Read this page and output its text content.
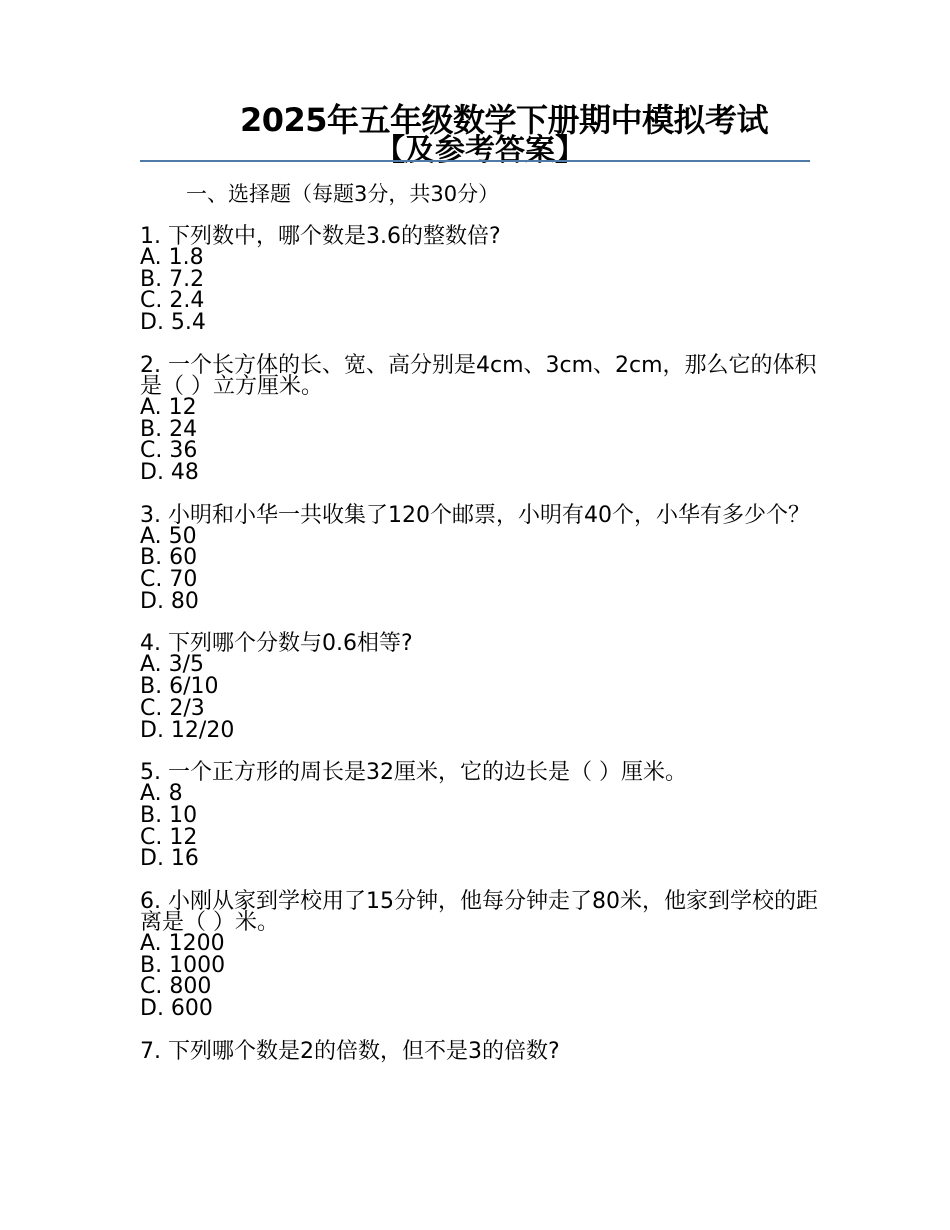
2025年五年级数学下册期中模拟考试
【及参考答案】
一、选择题（每题3分，共30分）
1. 下列数中，哪个数是3.6的整数倍?
A. 1.8
B. 7.2
C. 2.4
D. 5.4
2. 一个长方体的长、宽、高分别是4cm、3cm、2cm，那么它的体积是（ ）立方厘米。
A. 12
B. 24
C. 36
D. 48
3. 小明和小华一共收集了120个邮票，小明有40个，小华有多少个？
A. 50
B. 60
C. 70
D. 80
4. 下列哪个分数与0.6相等?
A. 3/5
B. 6/10
C. 2/3
D. 12/20
5. 一个正方形的周长是32厘米，它的边长是（ ）厘米。
A. 8
B. 10
C. 12
D. 16
6. 小刚从家到学校用了15分钟，他每分钟走了80米，他家到学校的距离是（ ）米。
A. 1200
B. 1000
C. 800
D. 600
7. 下列哪个数是2的倍数，但不是3的倍数?
